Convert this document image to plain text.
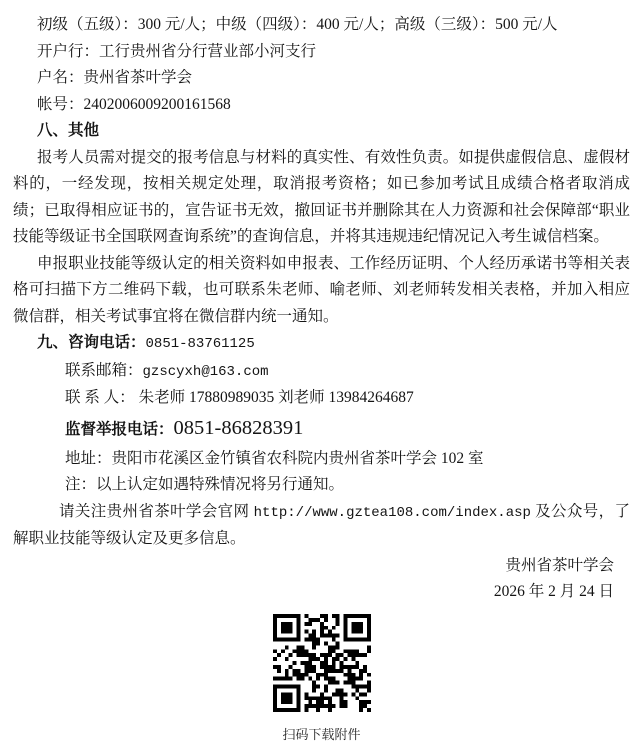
初级（五级）：300 元/人；中级（四级）：400 元/人；高级（三级）：500 元/人
开户行：工行贵州省分行营业部小河支行
户名：贵州省茶叶学会
帐号：2402006009200161568
八、其他
报考人员需对提交的报考信息与材料的真实性、有效性负责。如提供虚假信息、虚假材料的，一经发现，按相关规定处理，取消报考资格；如已参加考试且成绩合格者取消成绩；已取得相应证书的，宣告证书无效，撤回证书并删除其在人力资源和社会保障部“职业技能等级证书全国联网查询系统”的查询信息，并将其违规违纪情况记入考生诚信档案。
申报职业技能等级认定的相关资料如申报表、工作经历证明、个人经历承诺书等相关表格可扫描下方二维码下载，也可联系朱老师、喻老师、刘老师转发相关表格，并加入相应微信群，相关考试事宜将在微信群内统一通知。
九、咨询电话：0851-83761125
联系邮箱：gzscyxh@163.com
联 系 人： 朱老师 17880989035 刘老师 13984264687
监督举报电话：0851-86828391
地址：贵阳市花溪区金竹镇省农科院内贵州省茶叶学会 102 室
注：以上认定如遇特殊情况将另行通知。
请关注贵州省茶叶学会官网 http://www.gztea108.com/index.asp 及公众号，了解职业技能等级认定及更多信息。
贵州省茶叶学会
2026 年 2 月 24 日
扫码下载附件
